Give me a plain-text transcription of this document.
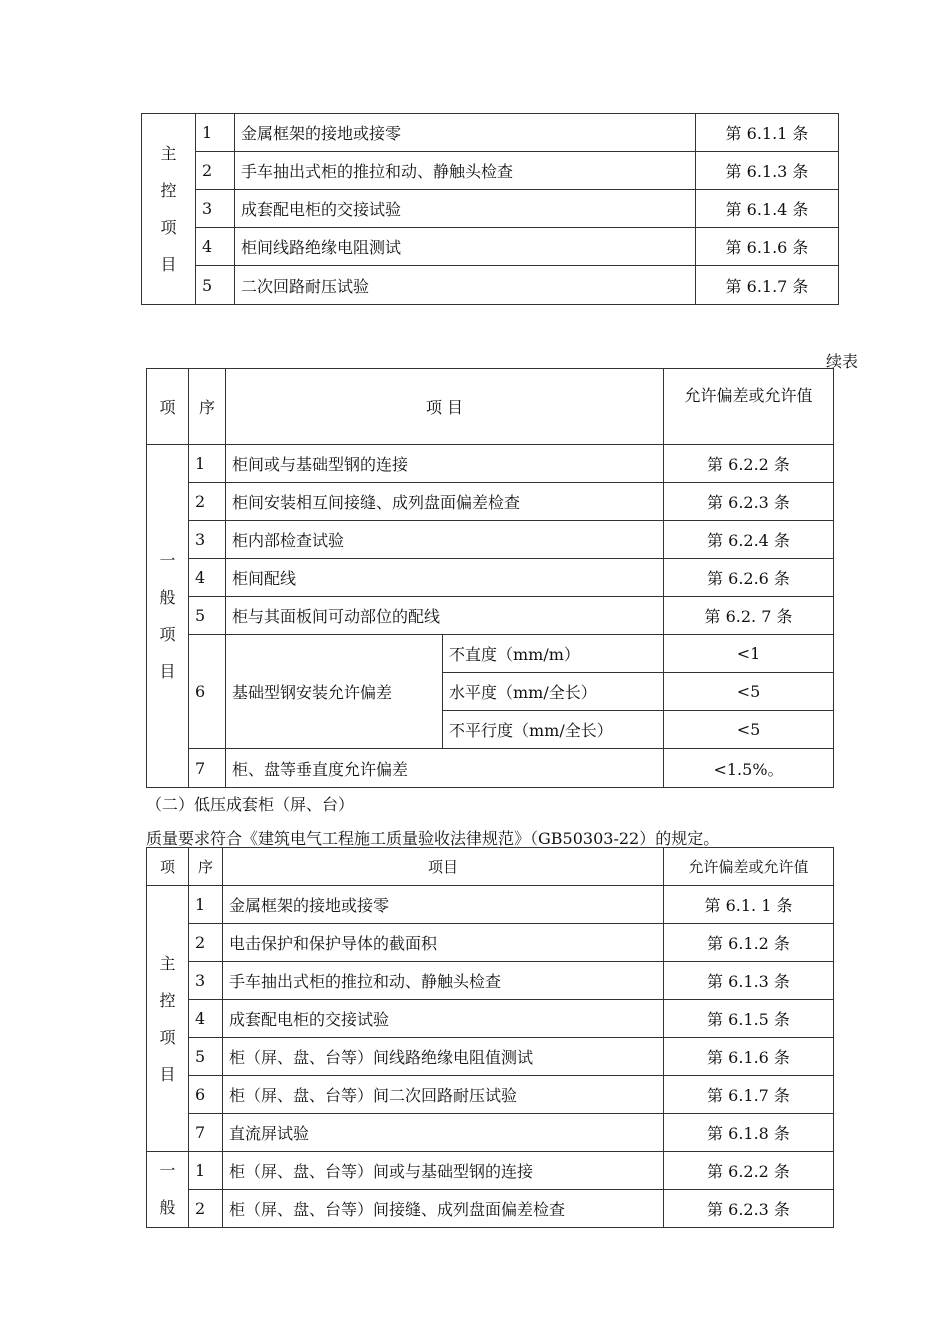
主
控
项
目	1	金属框架的接地或接零	第 6.1.1 条
	2	手车抽出式柜的推拉和动、静触头检查	第 6.1.3 条
	3	成套配电柜的交接试验	第 6.1.4 条
	4	柜间线路绝缘电阻测试	第 6.1.6 条
	5	二次回路耐压试验	第 6.1.7 条
续表
项	序	项 目		允许偏差或允许值

一
般
项
目	1	柜间或与基础型钢的连接		第 6.2.2 条
	2	柜间安装相互间接缝、成列盘面偏差检查		第 6.2.3 条
	3	柜内部检查试验		第 6.2.4 条
	4	柜间配线		第 6.2.6 条
	5	柜与其面板间可动部位的配线		第 6.2. 7 条
	6	基础型钢安装允许偏差	不直度（mm/m）	<1
			水平度（mm/全长）	<5
			不平行度（mm/全长）	<5
	7	柜、盘等垂直度允许偏差		<1.5%。
（二）低压成套柜（屏、台）
质量要求符合《建筑电气工程施工质量验收法律规范》（GB50303-22）的规定。
项	序	项目	允许偏差或允许值

主
控
项
目	1	金属框架的接地或接零	第 6.1. 1 条
	2	电击保护和保护导体的截面积	第 6.1.2 条
	3	手车抽出式柜的推拉和动、静触头检查	第 6.1.3 条
	4	成套配电柜的交接试验	第 6.1.5 条
	5	柜（屏、盘、台等）间线路绝缘电阻值测试	第 6.1.6 条
	6	柜（屏、盘、台等）间二次回路耐压试验	第 6.1.7 条
	7	直流屏试验	第 6.1.8 条

一
般	1	柜（屏、盘、台等）间或与基础型钢的连接	第 6.2.2 条
	2	柜（屏、盘、台等）间接缝、成列盘面偏差检查	第 6.2.3 条
